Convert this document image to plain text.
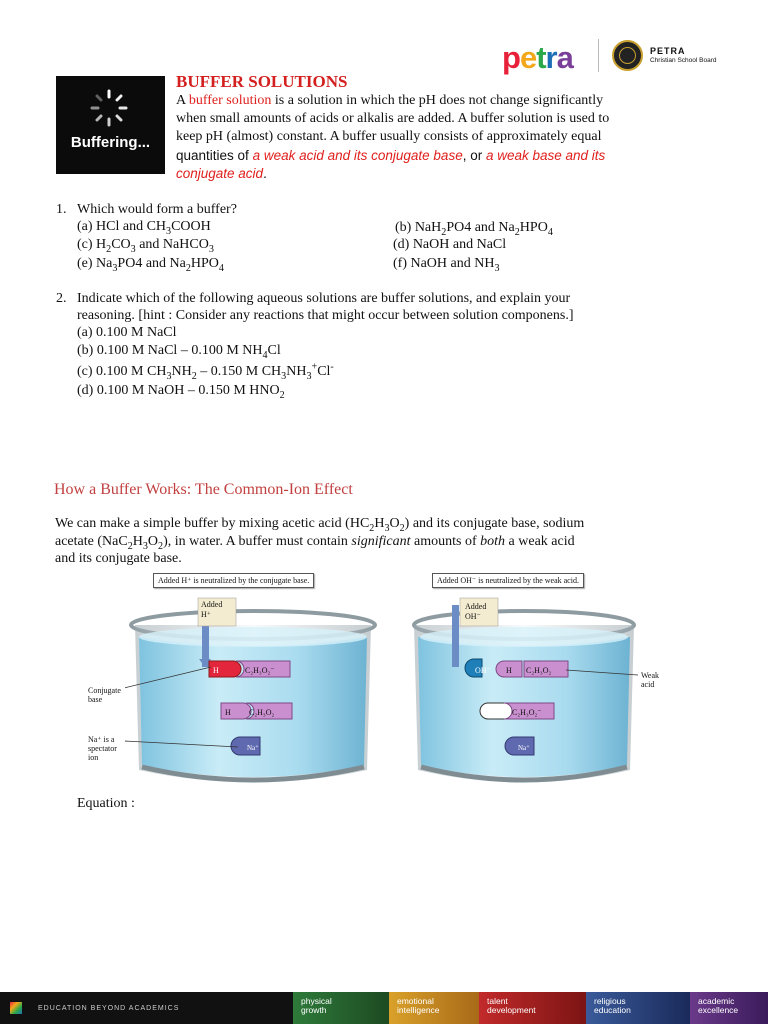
petra	PETRA
Christian School Board
Buffering...
BUFFER SOLUTIONS
A buffer solution is a solution in which the pH does not change significantly
when small amounts of acids or alkalis are added. A buffer solution is used to
keep pH (almost) constant. A buffer usually consists of approximately equal
quantities of a weak acid and its conjugate base, or a weak base and its
conjugate acid.
1. Which would form a buffer?
(a) HCl and $CH_3COOH$	(b) NaH$_2$PO4 and $Na_2HPO_4$
(c) $H_2CO_3$ and NaHCO$_3$	(d) NaOH and NaCl
(e) $Na_3PO4$ and $Na_2HPO_4$	(f) NaOH and $NH_3$
2. Indicate which of the following aqueous solutions are buffer solutions, and explain your
reasoning. [hint : Consider any reactions that might occur between solution componens.]
(a) 0.100 M NaCl
(b) 0.100 M NaCl – 0.100 M $NH_4Cl$
(c) 0.100 M $CH_3NH_2 - 0.150$ M $CH_3NH_3^+Cl^-$
(d) 0.100 M NaOH – 0.150 M $HNO_2$
How a Buffer Works: The Common-Ion Effect
We can make a simple buffer by mixing acetic acid $(HC_2H_3O_2)$ and its conjugate base, sodium
acetate $(NaC_2H_3O_2)$, in water. A buffer must contain significant amounts of both a weak acid
and its conjugate base.
Added H⁺ is neutralized by the conjugate base.
Added
H⁺
H	C₂H₃O₂⁻
H C₂H₃O₂
Na⁺
Conjugate
base
Na⁺ is a
spectator
ion
Added OH⁻ is neutralized by the weak acid.
Added
OH⁻
OH⁻ H C₂H₃O₂
C₂H₃O₂⁻
Na⁺
Weak
acid
Equation :
EDUCATION BEYOND ACADEMICS
physical
growth
emotional
intelligence
talent
development
religious
education
academic
excellence
